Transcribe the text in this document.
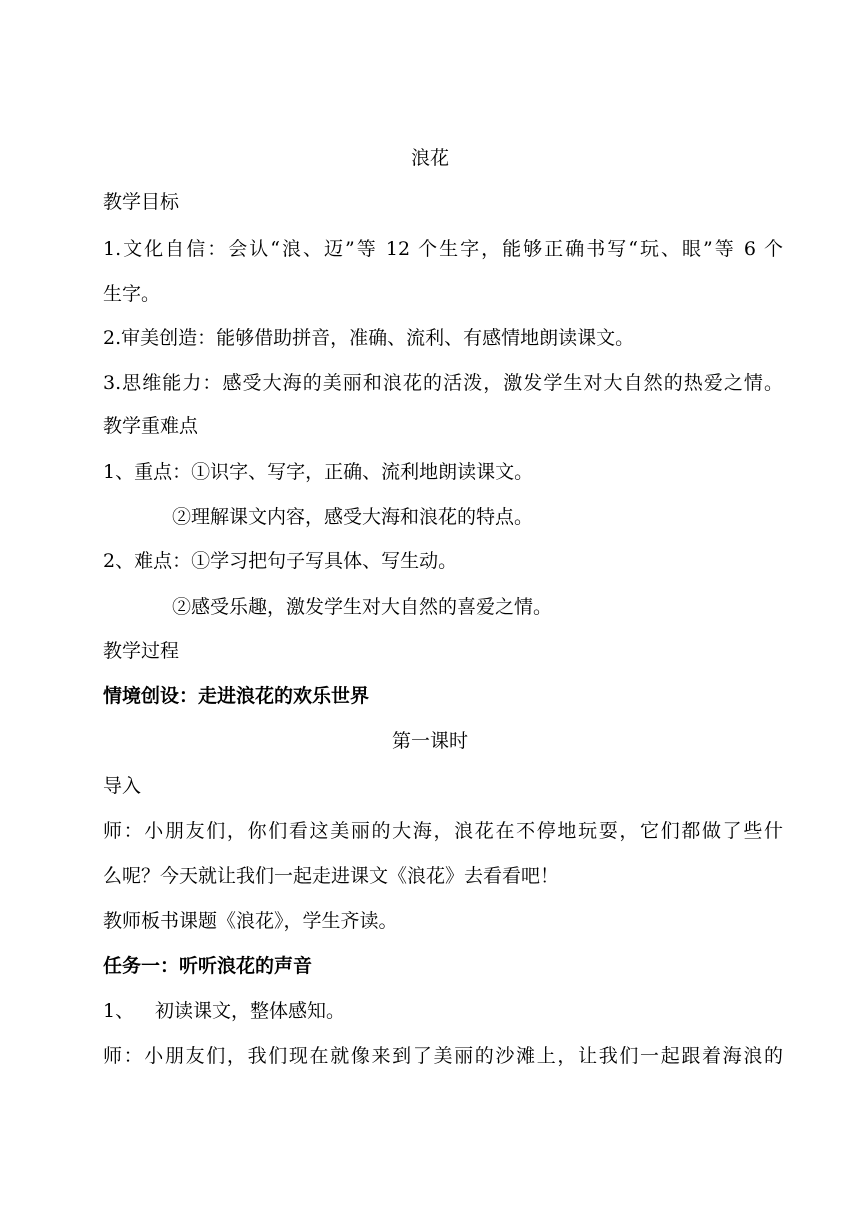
浪花
教学目标
1.文化自信：会认“浪、迈”等 12 个生字，能够正确书写“玩、眼”等 6 个
生字。
2.审美创造：能够借助拼音，准确、流利、有感情地朗读课文。
3.思维能力：感受大海的美丽和浪花的活泼，激发学生对大自然的热爱之情。
教学重难点
1、重点：①识字、写字，正确、流利地朗读课文。
②理解课文内容，感受大海和浪花的特点。
2、难点：①学习把句子写具体、写生动。
②感受乐趣，激发学生对大自然的喜爱之情。
教学过程
情境创设：走进浪花的欢乐世界
第一课时
导入
师：小朋友们，你们看这美丽的大海，浪花在不停地玩耍，它们都做了些什
么呢？今天就让我们一起走进课文《浪花》去看看吧！
教师板书课题《浪花》，学生齐读。
任务一：听听浪花的声音
1、 初读课文，整体感知。
师：小朋友们，我们现在就像来到了美丽的沙滩上，让我们一起跟着海浪的
